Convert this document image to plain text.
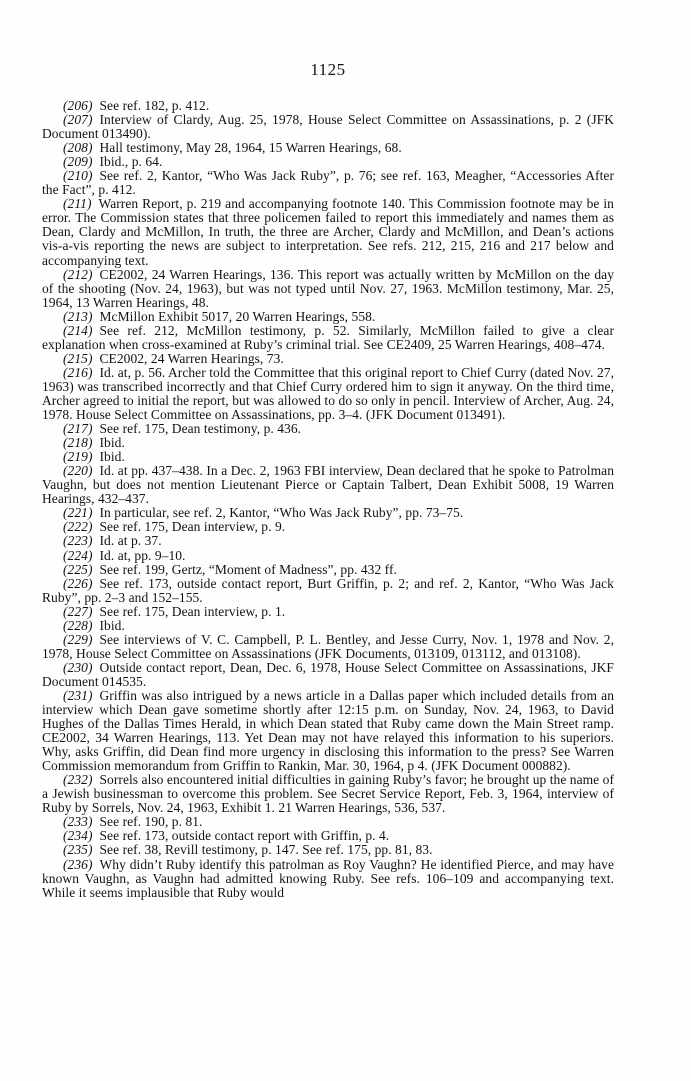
1125

(206) See ref. 182, p. 412.

(207) Interview of Clardy, Aug. 25, 1978, House Select Committee on Assassinations, p. 2 (JFK Document 013490).

(208) Hall testimony, May 28, 1964, 15 Warren Hearings, 68.

(209) Ibid., p. 64.

(210) See ref. 2, Kantor, “Who Was Jack Ruby”, p. 76; see ref. 163, Meagher, “Accessories After the Fact”, p. 412.

(211) Warren Report, p. 219 and accompanying footnote 140. This Commission footnote may be in error. The Commission states that three policemen failed to report this immediately and names them as Dean, Clardy and McMillon, In truth, the three are Archer, Clardy and McMillon, and Dean’s actions vis-a-vis reporting the news are subject to interpretation. See refs. 212, 215, 216 and 217 below and accompanying text.

(212) CE2002, 24 Warren Hearings, 136. This report was actually written by McMillon on the day of the shooting (Nov. 24, 1963), but was not typed until Nov. 27, 1963. McMillon testimony, Mar. 25, 1964, 13 Warren Hearings, 48.

(213) McMillon Exhibit 5017, 20 Warren Hearings, 558.

(214) See ref. 212, McMillon testimony, p. 52. Similarly, McMillon failed to give a clear explanation when cross-examined at Ruby’s criminal trial. See CE2409, 25 Warren Hearings, 408–474.

(215) CE2002, 24 Warren Hearings, 73.

(216) Id. at, p. 56. Archer told the Committee that this original report to Chief Curry (dated Nov. 27, 1963) was transcribed incorrectly and that Chief Curry ordered him to sign it anyway. On the third time, Archer agreed to initial the report, but was allowed to do so only in pencil. Interview of Archer, Aug. 24, 1978. House Select Committee on Assassinations, pp. 3–4. (JFK Document 013491).

(217) See ref. 175, Dean testimony, p. 436.

(218) Ibid.

(219) Ibid.

(220) Id. at pp. 437–438. In a Dec. 2, 1963 FBI interview, Dean declared that he spoke to Patrolman Vaughn, but does not mention Lieutenant Pierce or Captain Talbert, Dean Exhibit 5008, 19 Warren Hearings, 432–437.

(221) In particular, see ref. 2, Kantor, “Who Was Jack Ruby”, pp. 73–75.

(222) See ref. 175, Dean interview, p. 9.

(223) Id. at p. 37.

(224) Id. at, pp. 9–10.

(225) See ref. 199, Gertz, “Moment of Madness”, pp. 432 ff.

(226) See ref. 173, outside contact report, Burt Griffin, p. 2; and ref. 2, Kantor, “Who Was Jack Ruby”, pp. 2–3 and 152–155.

(227) See ref. 175, Dean interview, p. 1.

(228) Ibid.

(229) See interviews of V. C. Campbell, P. L. Bentley, and Jesse Curry, Nov. 1, 1978 and Nov. 2, 1978, House Select Committee on Assassinations (JFK Documents, 013109, 013112, and 013108).

(230) Outside contact report, Dean, Dec. 6, 1978, House Select Committee on Assassinations, JKF Document 014535.

(231) Griffin was also intrigued by a news article in a Dallas paper which included details from an interview which Dean gave sometime shortly after 12:15 p.m. on Sunday, Nov. 24, 1963, to David Hughes of the Dallas Times Herald, in which Dean stated that Ruby came down the Main Street ramp. CE2002, 34 Warren Hearings, 113. Yet Dean may not have relayed this information to his superiors. Why, asks Griffin, did Dean find more urgency in disclosing this information to the press? See Warren Commission memorandum from Griffin to Rankin, Mar. 30, 1964, p 4. (JFK Document 000882).

(232) Sorrels also encountered initial difficulties in gaining Ruby’s favor; he brought up the name of a Jewish businessman to overcome this problem. See Secret Service Report, Feb. 3, 1964, interview of Ruby by Sorrels, Nov. 24, 1963, Exhibit 1. 21 Warren Hearings, 536, 537.

(233) See ref. 190, p. 81.

(234) See ref. 173, outside contact report with Griffin, p. 4.

(235) See ref. 38, Revill testimony, p. 147. See ref. 175, pp. 81, 83.

(236) Why didn’t Ruby identify this patrolman as Roy Vaughn? He identified Pierce, and may have known Vaughn, as Vaughn had admitted knowing Ruby. See refs. 106–109 and accompanying text. While it seems implausible that Ruby would
